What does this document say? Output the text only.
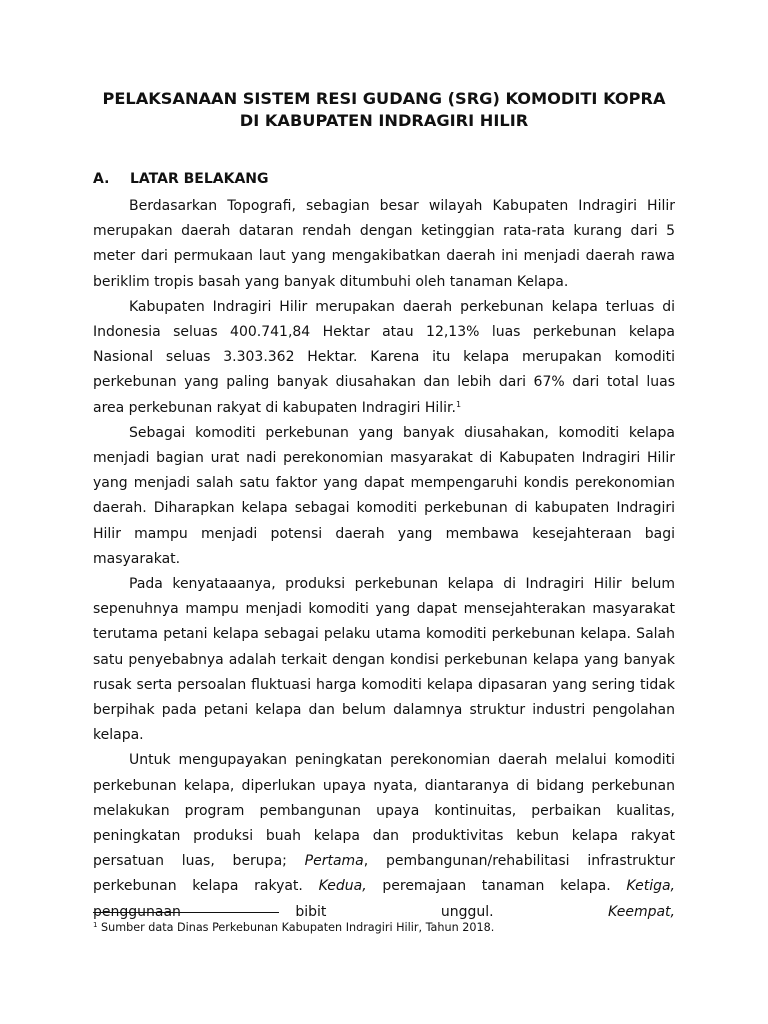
PELAKSANAAN SISTEM RESI GUDANG (SRG) KOMODITI KOPRA
DI KABUPATEN INDRAGIRI HILIR
A. LATAR BELAKANG

Berdasarkan Topografi, sebagian besar wilayah Kabupaten Indragiri Hilir merupakan daerah dataran rendah dengan ketinggian rata-rata kurang dari 5 meter dari permukaan laut yang mengakibatkan daerah ini menjadi daerah rawa beriklim tropis basah yang banyak ditumbuhi oleh tanaman Kelapa.

Kabupaten Indragiri Hilir merupakan daerah perkebunan kelapa terluas di Indonesia seluas 400.741,84 Hektar atau 12,13% luas perkebunan kelapa Nasional seluas 3.303.362 Hektar. Karena itu kelapa merupakan komoditi perkebunan yang paling banyak diusahakan dan lebih dari 67% dari total luas area perkebunan rakyat di kabupaten Indragiri Hilir.$^1$

Sebagai komoditi perkebunan yang banyak diusahakan, komoditi kelapa menjadi bagian urat nadi perekonomian masyarakat di Kabupaten Indragiri Hilir yang menjadi salah satu faktor yang dapat mempengaruhi kondis perekonomian daerah. Diharapkan kelapa sebagai komoditi perkebunan di kabupaten Indragiri Hilir mampu menjadi potensi daerah yang membawa kesejahteraan bagi masyarakat.

Pada kenyataaanya, produksi perkebunan kelapa di Indragiri Hilir belum sepenuhnya mampu menjadi komoditi yang dapat mensejahterakan masyarakat terutama petani kelapa sebagai pelaku utama komoditi perkebunan kelapa. Salah satu penyebabnya adalah terkait dengan kondisi perkebunan kelapa yang banyak rusak serta persoalan fluktuasi harga komoditi kelapa dipasaran yang sering tidak berpihak pada petani kelapa dan belum dalamnya struktur industri pengolahan kelapa.

Untuk mengupayakan peningkatan perekonomian daerah melalui komoditi perkebunan kelapa, diperlukan upaya nyata, diantaranya di bidang perkebunan melakukan program pembangunan upaya kontinuitas, perbaikan kualitas, peningkatan produksi buah kelapa dan produktivitas kebun kelapa rakyat persatuan luas, berupa; Pertama, pembangunan/rehabilitasi infrastruktur perkebunan kelapa rakyat. Kedua, peremajaan tanaman kelapa. Ketiga, penggunaan bibit unggul. Keempat,

$^1$ Sumber data Dinas Perkebunan Kabupaten Indragiri Hilir, Tahun 2018.
